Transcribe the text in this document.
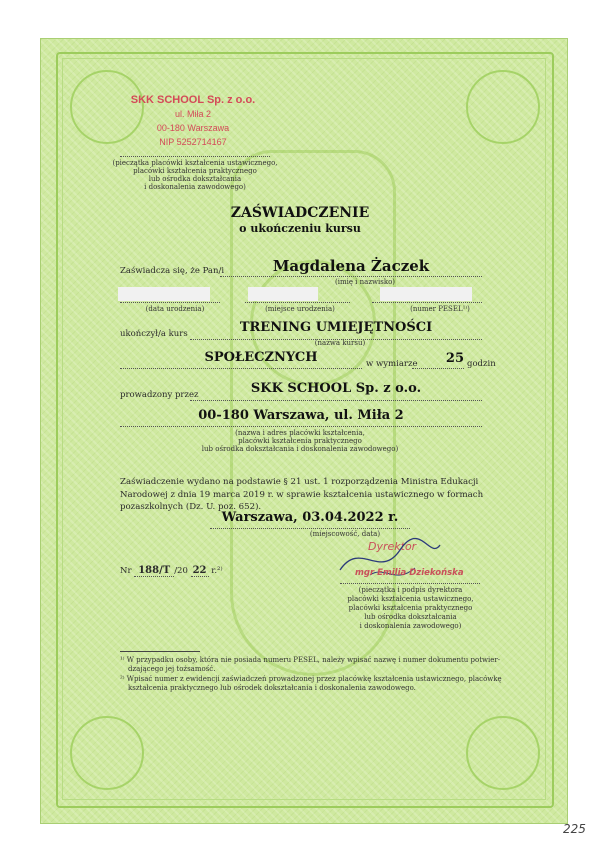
SKK SCHOOL Sp. z o.o.
ul. Miła 2
00-180 Warszawa
NIP 5252714167
(pieczątka placówki kształcenia ustawicznego,
placówki kształcenia praktycznego
lub ośrodka dokształcania
i doskonalenia zawodowego)
ZAŚWIADCZENIE
o ukończeniu kursu
Zaświadcza się, że Pan/i	Magdalena Żaczek
(imię i nazwisko)
(data urodzenia)	(miejsce urodzenia)	(numer PESEL¹⁾)
ukończył/a kurs	TRENING UMIEJĘTNOŚCI
(nazwa kursu)
SPOŁECZNYCH	w wymiarze	25 godzin
prowadzony przez	SKK SCHOOL Sp. z o.o.
00-180 Warszawa, ul. Miła 2
(nazwa i adres placówki kształcenia,
placówki kształcenia praktycznego
lub ośrodka dokształcania i doskonalenia zawodowego)
Zaświadczenie wydano na podstawie § 21 ust. 1 rozporządzenia Ministra Edukacji
Narodowej z dnia 19 marca 2019 r. w sprawie kształcenia ustawicznego w formach
pozaszkolnych (Dz. U. poz. 652).
Warszawa, 03.04.2022 r.
(miejscowość, data)
Dyrektor
mgr Emilia Dziekońska
(pieczątka i podpis dyrektora
placówki kształcenia ustawicznego,
placówki kształcenia praktycznego
lub ośrodka dokształcania
i doskonalenia zawodowego)
Nr 188/T /20 22 r.²⁾
¹⁾ W przypadku osoby, która nie posiada numeru PESEL, należy wpisać nazwę i numer dokumentu potwier-
dzającego jej tożsamość.
²⁾ Wpisać numer z ewidencji zaświadczeń prowadzonej przez placówkę kształcenia ustawicznego, placówkę
kształcenia praktycznego lub ośrodek dokształcania i doskonalenia zawodowego.
225
